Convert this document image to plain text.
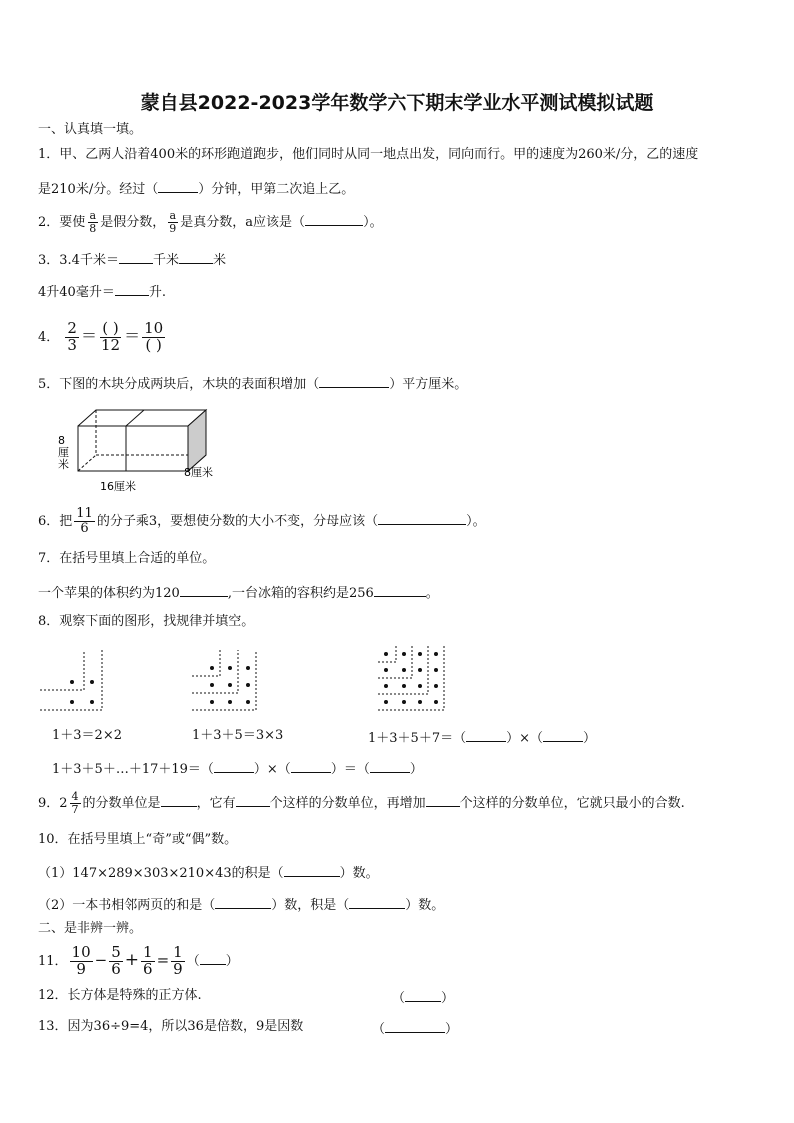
蒙自县2022-2023学年数学六下期末学业水平测试模拟试题
一、认真填一填。
1．甲、乙两人沿着400米的环形跑道跑步，他们同时从同一地点出发，同向而行。甲的速度为260米/分，乙的速度
是210米/分。经过（	）分钟，甲第二次追上乙。
2．要使 $\frac{a}{8}$ 是假分数， $\frac{a}{9}$ 是真分数，a应该是（	）。
3．3.4千米＝	千米	米
4升40毫升＝	升.
4． $\frac{2}{3} = \frac{( )}{12} = \frac{10}{( )}$
5．下图的木块分成两块后，木块的表面积增加（	）平方厘米。
8
厘
米
8厘米
16厘米
6．把 $\frac{11}{6}$ 的分子乘3，要想使分数的大小不变，分母应该（	）。
7．在括号里填上合适的单位。
一个苹果的体积约为120	,一台冰箱的容积约是256	。
8．观察下面的图形，找规律并填空。
1＋3＝2×2	1＋3＋5＝3×3	1＋3＋5＋7＝（	）×（	）
1＋3＋5＋…＋17＋19＝（	）×（	）＝（	）
9．$2 \frac{4}{7}$ 的分数单位是	，它有	个这样的分数单位，再增加	个这样的分数单位，它就只最小的合数.
10．在括号里填上“奇”或“偶”数。
（1）147×289×303×210×43的积是（	）数。
（2）一本书相邻两页的和是（	）数，积是（	）数。
二、是非辨一辨。
11． $\frac{10}{9} - \frac{5}{6} + \frac{1}{6} = \frac{1}{9}$ （ ）
12．长方体是特殊的正方体.	（	）
13．因为36÷9=4，所以36是倍数，9是因数	（	）
